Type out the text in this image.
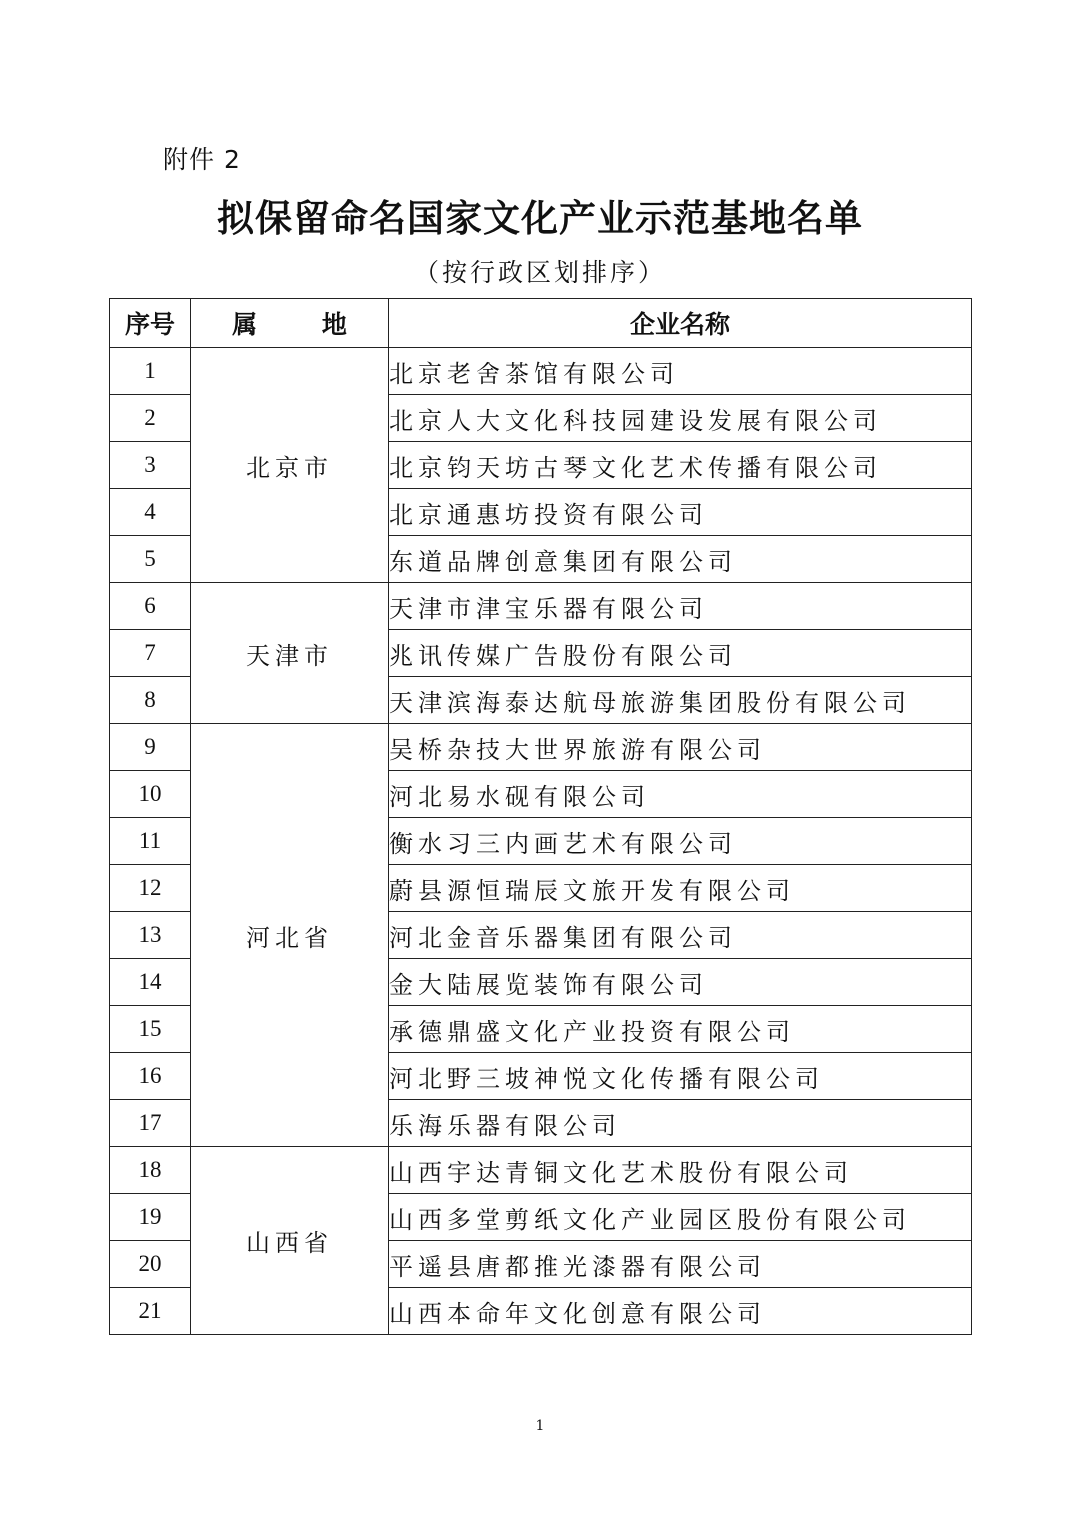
附件 2
拟保留命名国家文化产业示范基地名单
（按行政区划排序）
序号	属 地	企业名称
1	北京市	北京老舍茶馆有限公司
2		北京人大文化科技园建设发展有限公司
3		北京钧天坊古琴文化艺术传播有限公司
4		北京通惠坊投资有限公司
5		东道品牌创意集团有限公司
6	天津市	天津市津宝乐器有限公司
7		兆讯传媒广告股份有限公司
8		天津滨海泰达航母旅游集团股份有限公司
9	河北省	吴桥杂技大世界旅游有限公司
10		河北易水砚有限公司
11		衡水习三内画艺术有限公司
12		蔚县源恒瑞辰文旅开发有限公司
13		河北金音乐器集团有限公司
14		金大陆展览装饰有限公司
15		承德鼎盛文化产业投资有限公司
16		河北野三坡神悦文化传播有限公司
17		乐海乐器有限公司
18	山西省	山西宇达青铜文化艺术股份有限公司
19		山西多堂剪纸文化产业园区股份有限公司
20		平遥县唐都推光漆器有限公司
21		山西本命年文化创意有限公司
1
